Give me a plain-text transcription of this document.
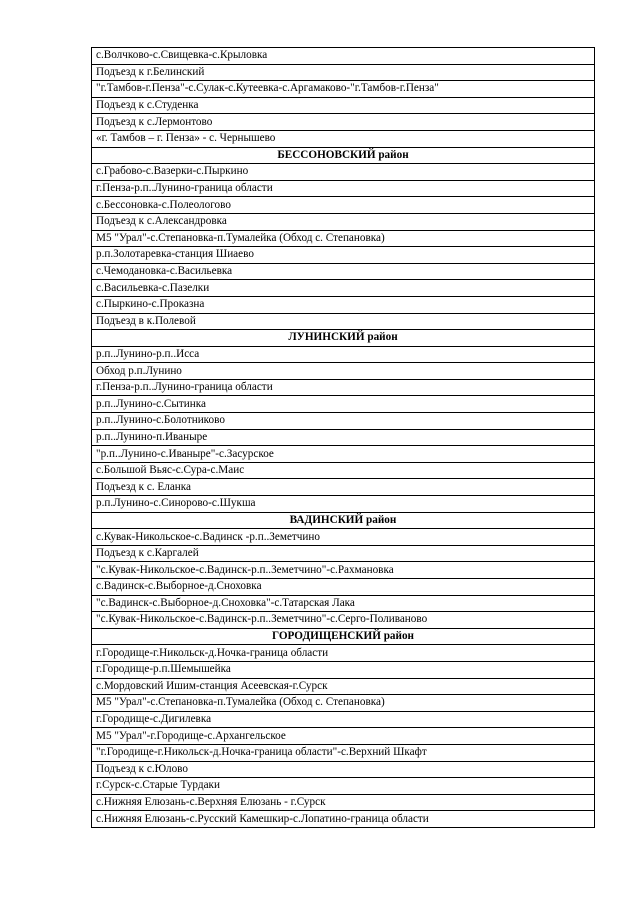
с.Волчково-с.Свищевка-с.Крыловка
Подъезд к г.Белинский
"г.Тамбов-г.Пенза"-с.Сулак-с.Кутеевка-с.Аргамаково-"г.Тамбов-г.Пенза"
Подъезд к с.Студенка
Подъезд к с.Лермонтово
«г. Тамбов – г. Пенза» - с. Чернышево
БЕССОНОВСКИЙ район
с.Грабово-с.Вазерки-с.Пыркино
г.Пенза-р.п..Лунино-граница области
с.Бессоновка-с.Полеологово
Подъезд к с.Александровка
М5 "Урал"-с.Степановка-п.Тумалейка (Обход с. Степановка)
р.п.Золотаревка-станция Шиаево
с.Чемодановка-с.Васильевка
с.Васильевка-с.Пазелки
с.Пыркино-с.Проказна
Подъезд в к.Полевой
ЛУНИНСКИЙ район
р.п..Лунино-р.п..Исса
Обход р.п.Лунино
г.Пенза-р.п..Лунино-граница области
р.п..Лунино-с.Сытинка
р.п..Лунино-с.Болотниково
р.п..Лунино-п.Иваныре
"р.п..Лунино-с.Иваныре"-с.Засурское
с.Большой Вьяс-с.Сура-с.Маис
Подъезд к с. Еланка
р.п.Лунино-с.Синорово-с.Шукша
ВАДИНСКИЙ район
с.Кувак-Никольское-с.Вадинск -р.п..Земетчино
Подъезд к с.Каргалей
"с.Кувак-Никольское-с.Вадинск-р.п..Земетчино"-с.Рахмановка
с.Вадинск-с.Выборное-д.Сноховка
"с.Вадинск-с.Выборное-д.Сноховка"-с.Татарская Лака
"с.Кувак-Никольское-с.Вадинск-р.п..Земетчино"-с.Серго-Поливаново
ГОРОДИЩЕНСКИЙ район
г.Городище-г.Никольск-д.Ночка-граница области
г.Городище-р.п.Шемышейка
с.Мордовский Ишим-станция Асеевская-г.Сурск
М5 "Урал"-с.Степановка-п.Тумалейка (Обход с. Степановка)
г.Городище-с.Дигилевка
М5 "Урал"-г.Городище-с.Архангельское
"г.Городище-г.Никольск-д.Ночка-граница области"-с.Верхний Шкафт
Подъезд к с.Юлово
г.Сурск-с.Старые Турдаки
с.Нижняя Елюзань-с.Верхняя Елюзань - г.Сурск
с.Нижняя Елюзань-с.Русский Камешкир-с.Лопатино-граница области
